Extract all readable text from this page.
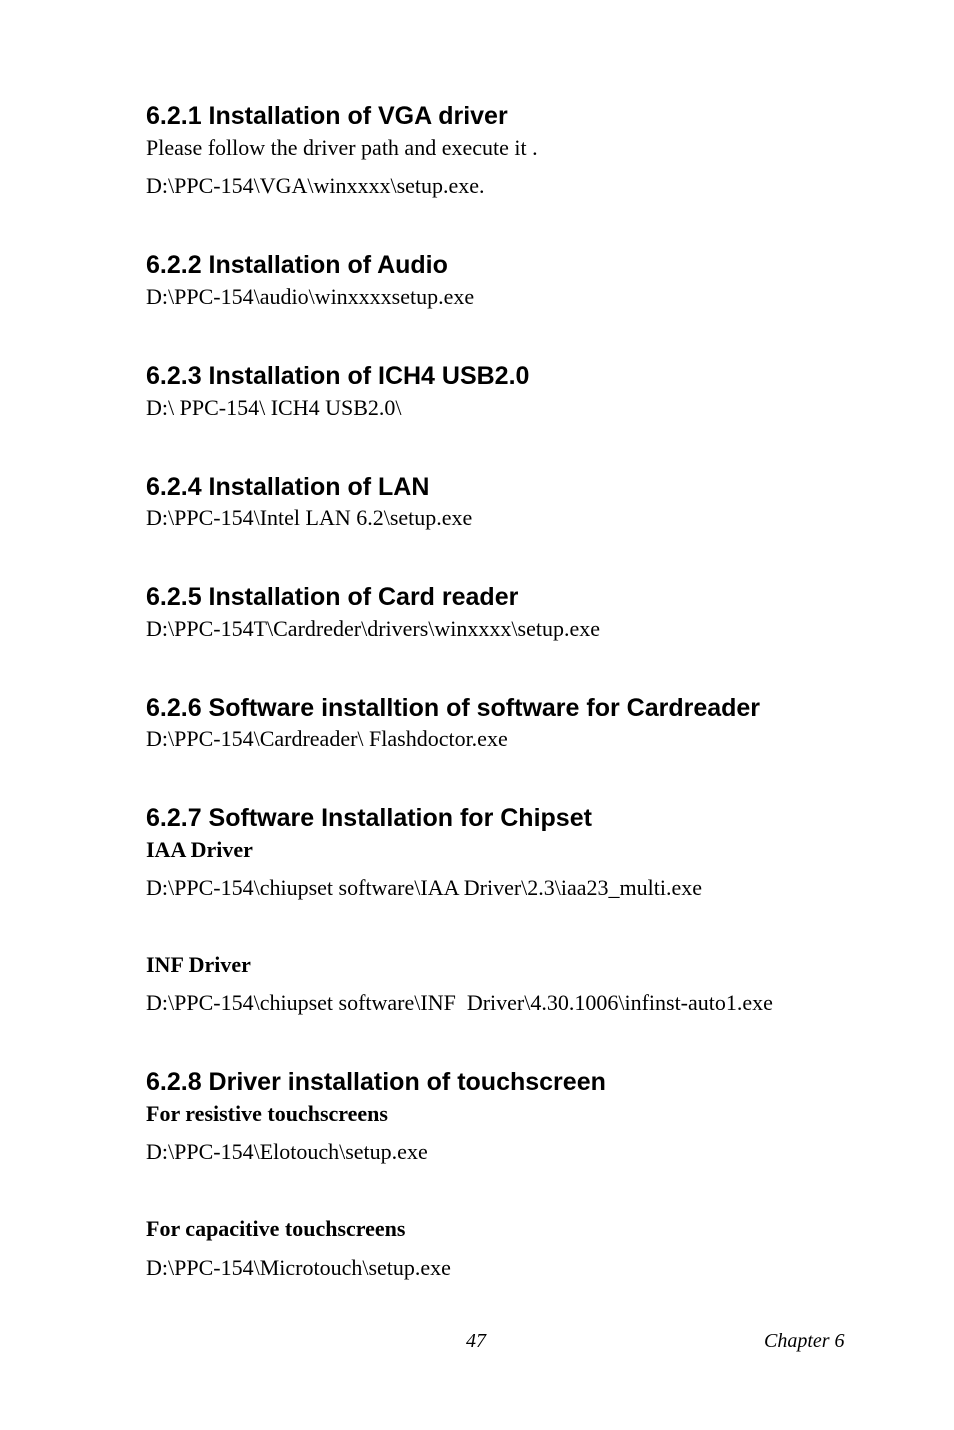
6.2.1 Installation of VGA driver

Please follow the driver path and execute it .

D:\PPC-154\VGA\winxxxx\setup.exe.

6.2.2 Installation of Audio

D:\PPC-154\audio\winxxxxsetup.exe

6.2.3 Installation of ICH4 USB2.0

D:\ PPC-154\ ICH4 USB2.0\

6.2.4 Installation of LAN

D:\PPC-154\Intel LAN 6.2\setup.exe

6.2.5 Installation of Card reader

D:\PPC-154T\Cardreder\drivers\winxxxx\setup.exe

6.2.6 Software installtion of software for Cardreader

D:\PPC-154\Cardreader\ Flashdoctor.exe

6.2.7 Software Installation for Chipset

IAA Driver

D:\PPC-154\chiupset software\IAA Driver\2.3\iaa23_multi.exe

INF Driver

D:\PPC-154\chiupset software\INF  Driver\4.30.1006\infinst-auto1.exe

6.2.8 Driver installation of touchscreen

For resistive touchscreens

D:\PPC-154\Elotouch\setup.exe

For capacitive touchscreens

D:\PPC-154\Microtouch\setup.exe

47	Chapter 6
